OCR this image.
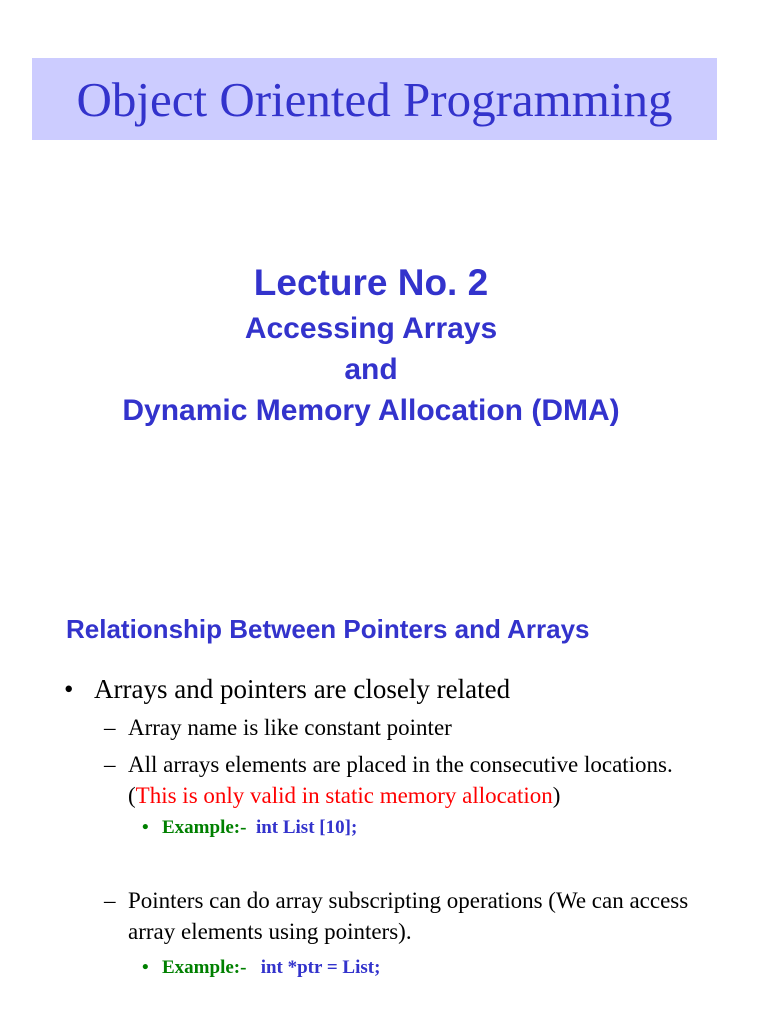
Object Oriented Programming
Lecture No. 2
Accessing Arrays
and
Dynamic Memory Allocation (DMA)
Relationship Between Pointers and Arrays
• Arrays and pointers are closely related
– Array name is like constant pointer
– All arrays elements are placed in the consecutive locations. (This is only valid in static memory allocation)
• Example:- int List [10];
– Pointers can do array subscripting operations (We can access array elements using pointers).
• Example:- int *ptr = List;
